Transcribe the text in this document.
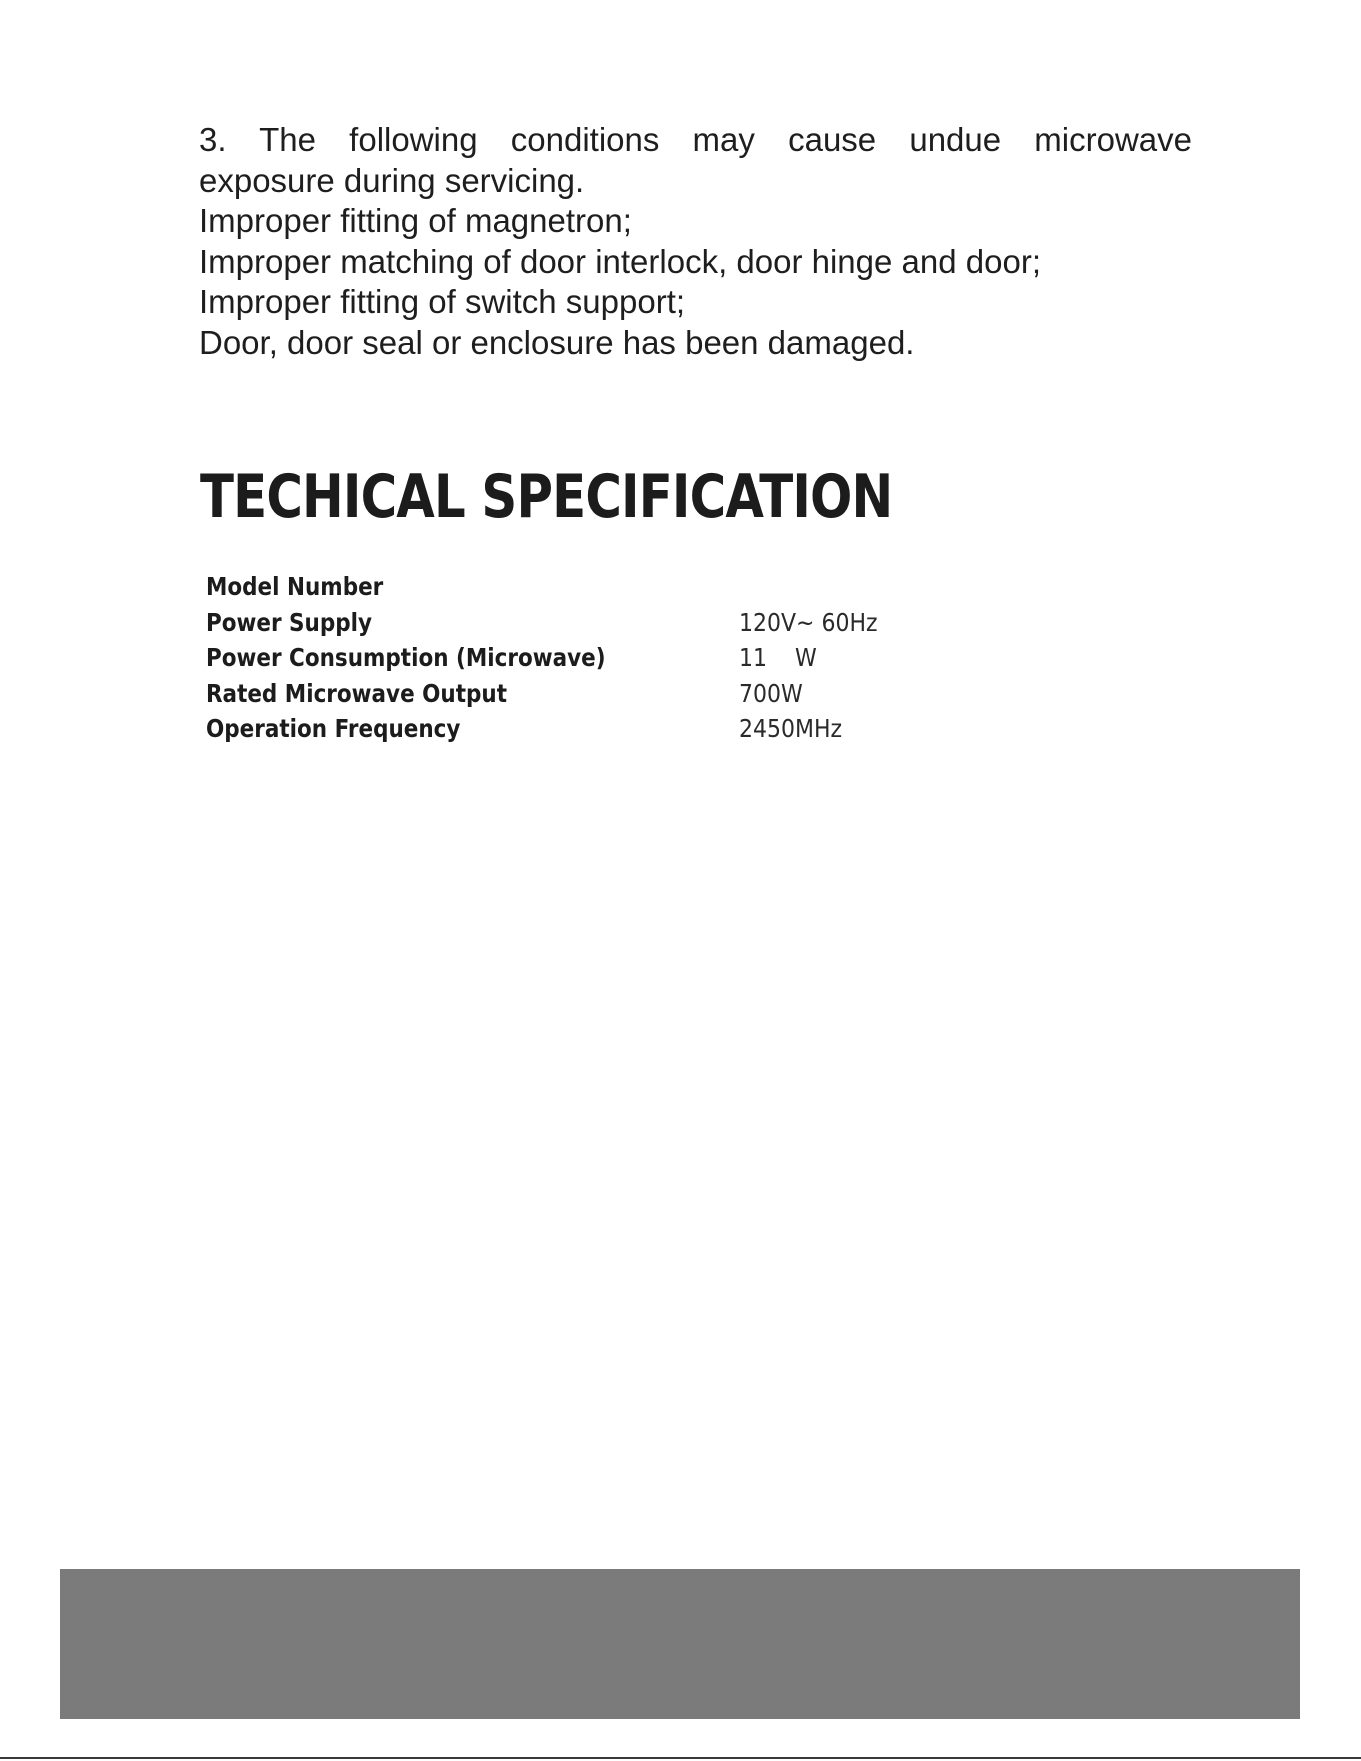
3. The following conditions may cause undue microwave
exposure during servicing.
Improper fitting of magnetron;
Improper matching of door interlock, door hinge and door;
Improper fitting of switch support;
Door, door seal or enclosure has been damaged.
TECHICAL SPECIFICATION
Model Number
Power Supply	120V~ 60Hz
Power Consumption (Microwave)	11    W
Rated Microwave Output	700W
Operation Frequency	2450MHz
